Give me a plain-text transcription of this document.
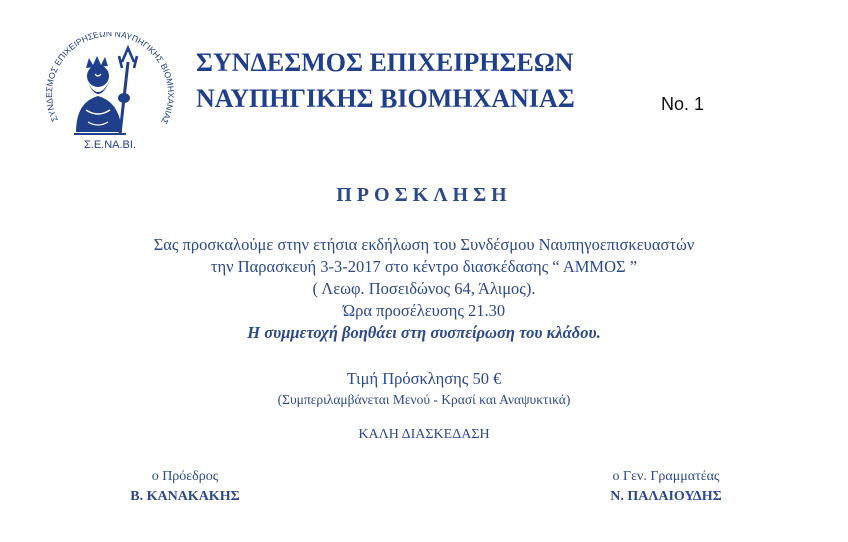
ΣΥΝΔΕΣΜΟΣ ΕΠΙΧΕΙΡΗΣΕΩΝ ΝΑΥΠΗΓΙΚΗΣ ΒΙΟΜΗΧΑΝΙΑΣ
Σ.Ε.ΝΑ.ΒΙ.
ΣΥΝΔΕΣΜΟΣ ΕΠΙΧΕΙΡΗΣΕΩΝ
ΝΑΥΠΗΓΙΚΗΣ ΒΙΟΜΗΧΑΝΙΑΣ	No. 1
ΠΡΟΣΚΛΗΣΗ
Σας προσκαλούμε στην ετήσια εκδήλωση του Συνδέσμου Ναυπηγοεπισκευαστών
την Παρασκευή 3-3-2017 στο κέντρο διασκέδασης “ ΑΜΜΟΣ ”
( Λεωφ. Ποσειδώνος 64, Άλιμος).
Ώρα προσέλευσης 21.30
Η συμμετοχή βοηθάει στη συσπείρωση του κλάδου.
Τιμή Πρόσκλησης 50 €
(Συμπεριλαμβάνεται Μενού - Κρασί και Αναψυκτικά)
ΚΑΛΗ ΔΙΑΣΚΕΔΑΣΗ
ο Πρόεδρος
Β. ΚΑΝΑΚΑΚΗΣ
ο Γεν. Γραμματέας
Ν. ΠΑΛΑΙΟΥΔΗΣ
